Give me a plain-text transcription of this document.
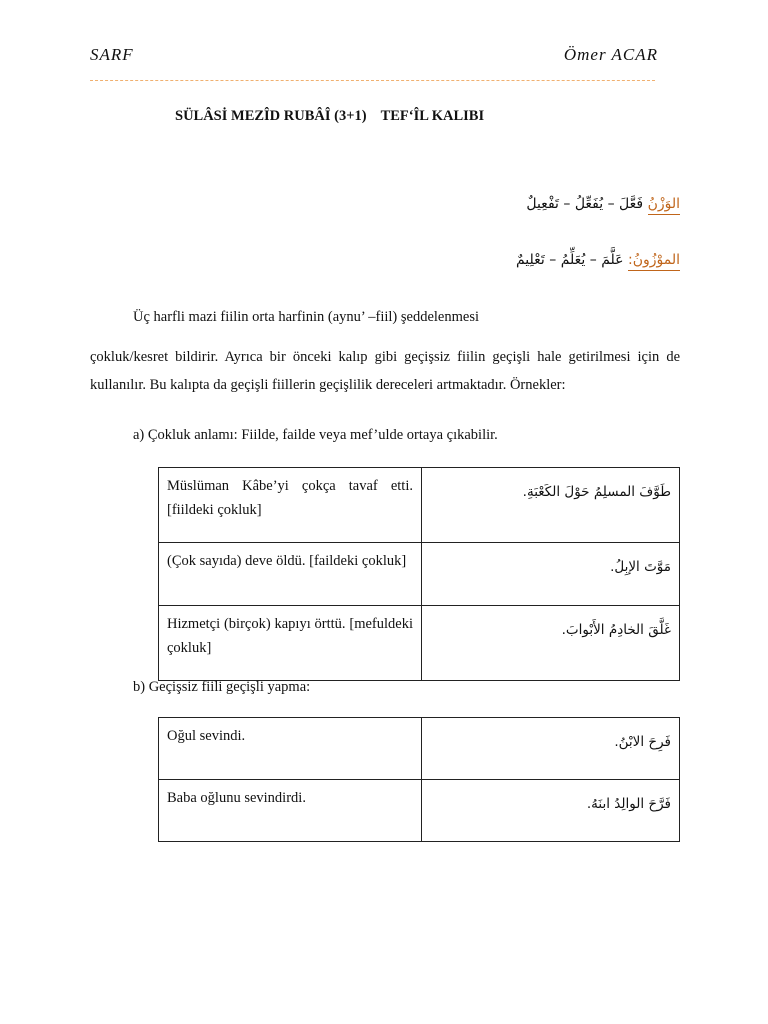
SARF	Ömer ACAR
SÜLÂSİ MEZÎD RUBÂÎ (3+1) TEF‘ÎL KALIBI
الوَزْنُ فَعَّلَ – يُفَعِّلُ – تَفْعِيلٌ
الموْزُونُ: عَلَّمَ – يُعَلِّمُ – تَعْلِيمٌ
Üç harfli mazi fiilin orta harfinin (aynu’ –fiil) şeddelenmesi
çokluk/kesret bildirir. Ayrıca bir önceki kalıp gibi geçişsiz fiilin geçişli hale getirilmesi için de kullanılır. Bu kalıpta da geçişli fiillerin geçişlilik dereceleri artmaktadır. Örnekler:
a) Çokluk anlamı: Fiilde, failde veya mef’ulde ortaya çıkabilir.
Müslüman Kâbe’yi çokça tavaf etti. [fiildeki çokluk]	طَوَّفَ المسلِمُ حَوْلَ الكَعْبَةِ.
(Çok sayıda) deve öldü. [faildeki çokluk]	مَوَّتَ الإبِلُ.
Hizmetçi (birçok) kapıyı örttü. [mefuldeki çokluk]	غَلَّقَ الخادِمُ الأَبْوابَ.
b) Geçişsiz fiili geçişli yapma:
Oğul sevindi.	فَرِحَ الابْنُ.
Baba oğlunu sevindirdi.	فَرَّحَ الوالِدُ ابنَهُ.
